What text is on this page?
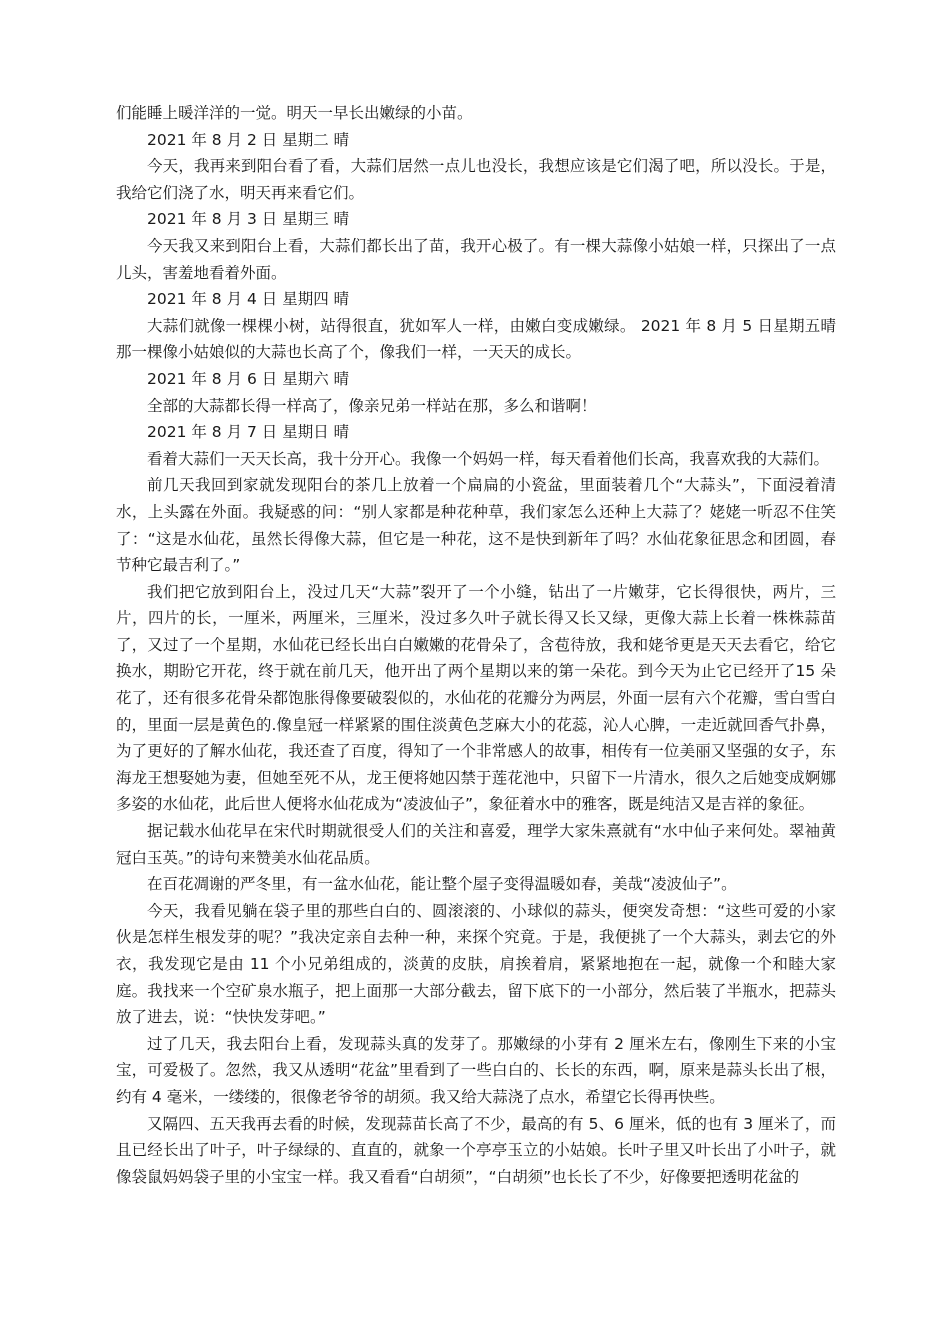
们能睡上暖洋洋的一觉。明天一早长出嫩绿的小苗。

2021 年 8 月 2 日 星期二 晴

今天，我再来到阳台看了看，大蒜们居然一点儿也没长，我想应该是它们渴了吧，所以没长。于是，我给它们浇了水，明天再来看它们。

2021 年 8 月 3 日 星期三 晴

今天我又来到阳台上看，大蒜们都长出了苗，我开心极了。有一棵大蒜像小姑娘一样，只探出了一点儿头，害羞地看着外面。

2021 年 8 月 4 日 星期四 晴

大蒜们就像一棵棵小树，站得很直，犹如军人一样，由嫩白变成嫩绿。 2021 年 8 月 5 日星期五晴那一棵像小姑娘似的大蒜也长高了个，像我们一样，一天天的成长。

2021 年 8 月 6 日 星期六 晴

全部的大蒜都长得一样高了，像亲兄弟一样站在那，多么和谐啊！

2021 年 8 月 7 日 星期日 晴

看着大蒜们一天天长高，我十分开心。我像一个妈妈一样，每天看着他们长高，我喜欢我的大蒜们。

前几天我回到家就发现阳台的茶几上放着一个扁扁的小瓷盆，里面装着几个“大蒜头”，下面浸着清水，上头露在外面。我疑惑的问：“别人家都是种花种草，我们家怎么还种上大蒜了？姥姥一听忍不住笑了：“这是水仙花，虽然长得像大蒜，但它是一种花，这不是快到新年了吗？水仙花象征思念和团圆，春节种它最吉利了。”

我们把它放到阳台上，没过几天“大蒜”裂开了一个小缝，钻出了一片嫩芽，它长得很快，两片，三片，四片的长，一厘米，两厘米，三厘米，没过多久叶子就长得又长又绿，更像大蒜上长着一株株蒜苗了，又过了一个星期，水仙花已经长出白白嫩嫩的花骨朵了，含苞待放，我和姥爷更是天天去看它，给它换水，期盼它开花，终于就在前几天，他开出了两个星期以来的第一朵花。到今天为止它已经开了15 朵花了，还有很多花骨朵都饱胀得像要破裂似的，水仙花的花瓣分为两层，外面一层有六个花瓣，雪白雪白的，里面一层是黄色的.像皇冠一样紧紧的围住淡黄色芝麻大小的花蕊，沁人心脾，一走近就回香气扑鼻，为了更好的了解水仙花，我还查了百度，得知了一个非常感人的故事，相传有一位美丽又坚强的女子，东海龙王想娶她为妻，但她至死不从，龙王便将她囚禁于莲花池中，只留下一片清水，很久之后她变成婀娜多姿的水仙花，此后世人便将水仙花成为“凌波仙子”，象征着水中的雅客，既是纯洁又是吉祥的象征。

据记载水仙花早在宋代时期就很受人们的关注和喜爱，理学大家朱熹就有“水中仙子来何处。翠袖黄冠白玉英。”的诗句来赞美水仙花品质。

在百花凋谢的严冬里，有一盆水仙花，能让整个屋子变得温暖如春，美哉“凌波仙子”。

今天，我看见躺在袋子里的那些白白的、圆滚滚的、小球似的蒜头，便突发奇想：“这些可爱的小家伙是怎样生根发芽的呢？”我决定亲自去种一种，来探个究竟。于是，我便挑了一个大蒜头，剥去它的外衣，我发现它是由 11 个小兄弟组成的，淡黄的皮肤，肩挨着肩，紧紧地抱在一起，就像一个和睦大家庭。我找来一个空矿泉水瓶子，把上面那一大部分截去，留下底下的一小部分，然后装了半瓶水，把蒜头放了进去，说：“快快发芽吧。”

过了几天，我去阳台上看，发现蒜头真的发芽了。那嫩绿的小芽有 2 厘米左右，像刚生下来的小宝宝，可爱极了。忽然，我又从透明“花盆”里看到了一些白白的、长长的东西，啊，原来是蒜头长出了根，约有 4 毫米，一缕缕的，很像老爷爷的胡须。我又给大蒜浇了点水，希望它长得再快些。

又隔四、五天我再去看的时候，发现蒜苗长高了不少，最高的有 5、6 厘米，低的也有 3 厘米了，而且已经长出了叶子，叶子绿绿的、直直的，就象一个亭亭玉立的小姑娘。长叶子里又叶长出了小叶子，就像袋鼠妈妈袋子里的小宝宝一样。我又看看“白胡须”，“白胡须”也长长了不少，好像要把透明花盆的
